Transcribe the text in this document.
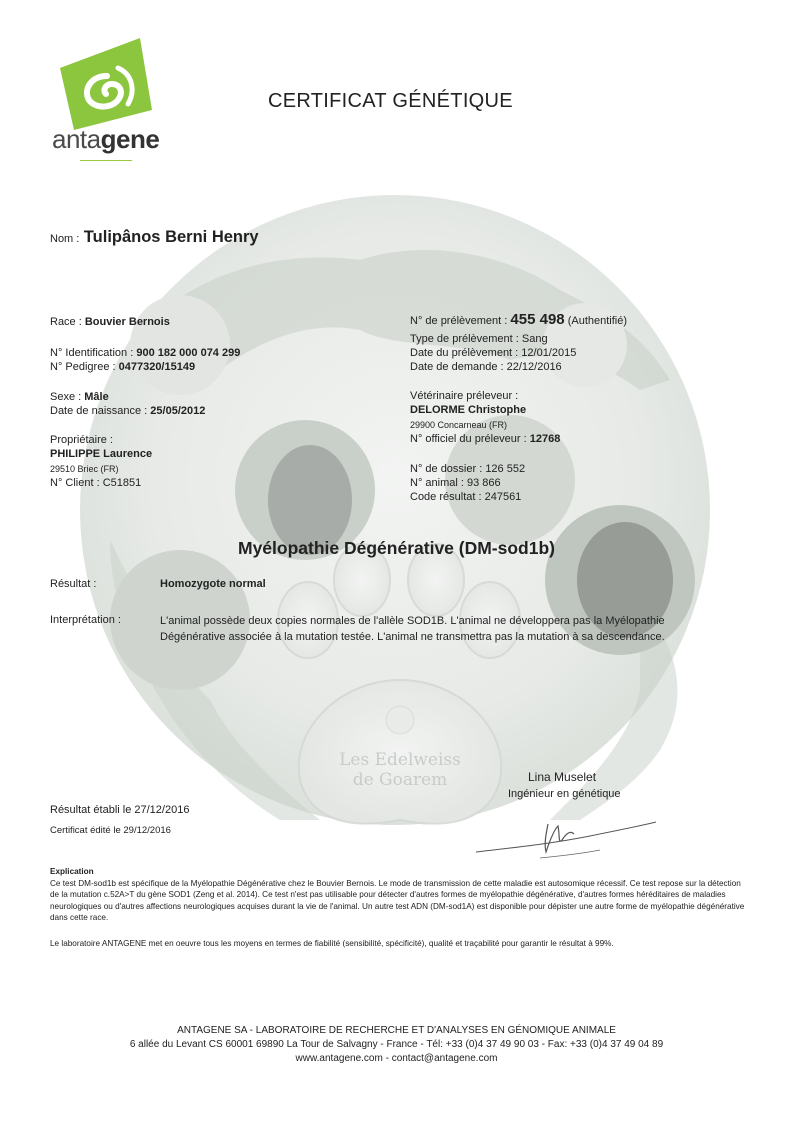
Les Edelweiss
de Goarem
antagene
CERTIFICAT GÉNÉTIQUE
Nom : Tulipânos Berni Henry
Race : Bouvier Bernois
N° Identification : 900 182 000 074 299
N° Pedigree : 0477320/15149
Sexe : Mâle
Date de naissance : 25/05/2012
Propriétaire :
PHILIPPE Laurence
29510 Briec (FR)
N° Client : C51851
N° de prélèvement : 455 498 (Authentifié)
Type de prélèvement : Sang
Date du prélèvement : 12/01/2015
Date de demande : 22/12/2016
Vétérinaire préleveur :
DELORME Christophe
29900 Concarneau (FR)
N° officiel du préleveur : 12768
N° de dossier : 126 552
N° animal : 93 866
Code résultat : 247561
Myélopathie Dégénérative (DM-sod1b)
Résultat :	Homozygote normal
Interprétation :	L'animal possède deux copies normales de l'allèle SOD1B. L'animal ne développera pas la Myélopathie Dégénérative associée à la mutation testée. L'animal ne transmettra pas la mutation à sa descendance.
Lina Muselet
Ingénieur en génétique
Résultat établi le 27/12/2016
Certificat édité le 29/12/2016
Explication
Ce test DM-sod1b est spécifique de la Myélopathie Dégénérative chez le Bouvier Bernois. Le mode de transmission de cette maladie est autosomique récessif. Ce test repose sur la détection de la mutation c.52A>T du gène SOD1 (Zeng et al. 2014). Ce test n'est pas utilisable pour détecter d'autres formes de myélopathie dégénérative, d'autres formes héréditaires de maladies neurologiques ou d'autres affections neurologiques acquises durant la vie de l'animal. Un autre test ADN (DM-sod1A) est disponible pour dépister une autre forme de myélopathie dégénérative dans cette race.
Le laboratoire ANTAGENE met en oeuvre tous les moyens en termes de fiabilité (sensibilité, spécificité), qualité et traçabilité pour garantir le résultat à 99%.
ANTAGENE SA - LABORATOIRE DE RECHERCHE ET D'ANALYSES EN GÉNOMIQUE ANIMALE
6 allée du Levant CS 60001 69890 La Tour de Salvagny - France - Tél: +33 (0)4 37 49 90 03 - Fax: +33 (0)4 37 49 04 89
www.antagene.com - contact@antagene.com
